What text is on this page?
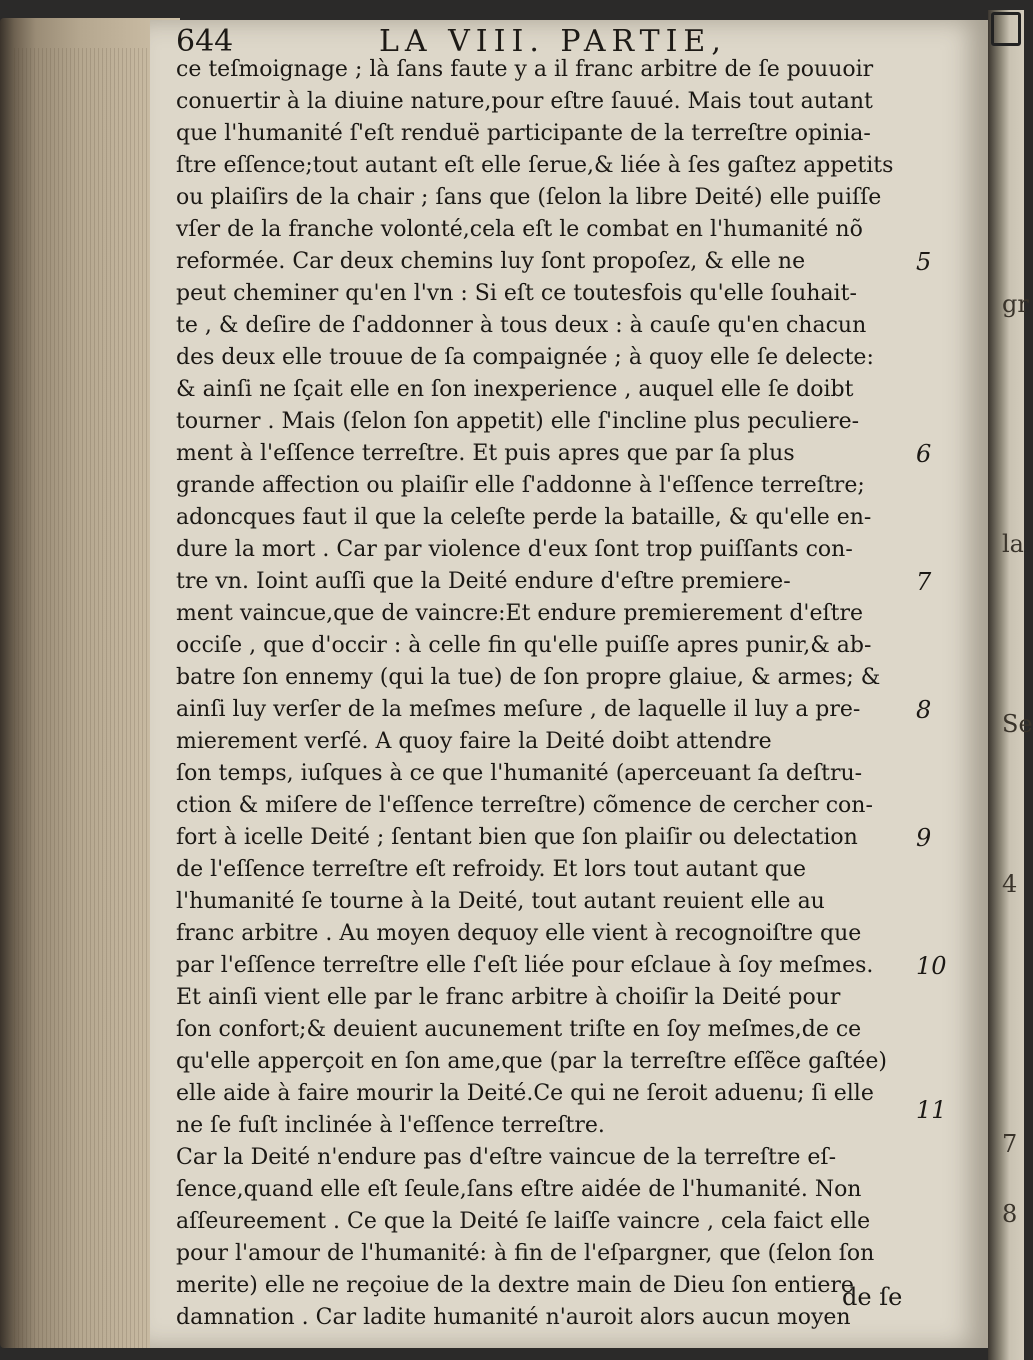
gr
la
Se
4
7
8
644	LA VIII. PARTIE,
ce teſmoignage ; là ſans faute y a il franc arbitre de ſe pouuoir
conuertir à la diuine nature,pour eſtre ſauué. Mais tout autant
que l'humanité ſ'eſt renduë participante de la terreſtre opinia-
ſtre eſſence;tout autant eſt elle ſerue,& liée à ſes gaſtez appetits
ou plaiſirs de la chair ; ſans que (ſelon la libre Deité) elle puiſſe
vſer de la franche volonté,cela eſt le combat en l'humanité nõ
reformée. Car deux chemins luy ſont propoſez, & elle ne
peut cheminer qu'en l'vn : Si eſt ce toutesfois qu'elle ſouhait-
te , & deſire de ſ'addonner à tous deux : à cauſe qu'en chacun
des deux elle trouue de ſa compaignée ; à quoy elle ſe delecte:
& ainſi ne ſçait elle en ſon inexperience , auquel elle ſe doibt
tourner . Mais (ſelon ſon appetit) elle ſ'incline plus peculiere-
ment à l'eſſence terreſtre. Et puis apres que par ſa plus
grande affection ou plaiſir elle ſ'addonne à l'eſſence terreſtre;
adoncques faut il que la celeſte perde la bataille, & qu'elle en-
dure la mort . Car par violence d'eux ſont trop puiſſants con-
tre vn. Ioint auſſi que la Deité endure d'eſtre premiere-
ment vaincue,que de vaincre:Et endure premierement d'eſtre
occiſe , que d'occir : à celle fin qu'elle puiſſe apres punir,& ab-
batre ſon ennemy (qui la tue) de ſon propre glaiue, & armes; &
ainſi luy verſer de la meſmes meſure , de laquelle il luy a pre-
mierement verſé. A quoy faire la Deité doibt attendre
ſon temps, iuſques à ce que l'humanité (aperceuant ſa deſtru-
ction & miſere de l'eſſence terreſtre) cõmence de cercher con-
fort à icelle Deité ; ſentant bien que ſon plaiſir ou delectation
de l'eſſence terreſtre eſt refroidy. Et lors tout autant que
l'humanité ſe tourne à la Deité, tout autant reuient elle au
franc arbitre . Au moyen dequoy elle vient à recognoiſtre que
par l'eſſence terreſtre elle ſ'eſt liée pour eſclaue à ſoy meſmes.
Et ainſi vient elle par le franc arbitre à choiſir la Deité pour
ſon confort;& deuient aucunement triſte en ſoy meſmes,de ce
qu'elle apperçoit en ſon ame,que (par la terreſtre eſſẽce gaſtée)
elle aide à faire mourir la Deité.Ce qui ne ſeroit aduenu; ſi elle
ne ſe fuſt inclinée à l'eſſence terreſtre.
Car la Deité n'endure pas d'eſtre vaincue de la terreſtre eſ-
ſence,quand elle eſt ſeule,ſans eſtre aidée de l'humanité. Non
aſſeureement . Ce que la Deité ſe laiſſe vaincre , cela faict elle
pour l'amour de l'humanité: à fin de l'eſpargner, que (ſelon ſon
merite) elle ne reçoiue de la dextre main de Dieu ſon entiere
damnation . Car ladite humanité n'auroit alors aucun moyen
5
6
7
8
9
10
11
de ſe
